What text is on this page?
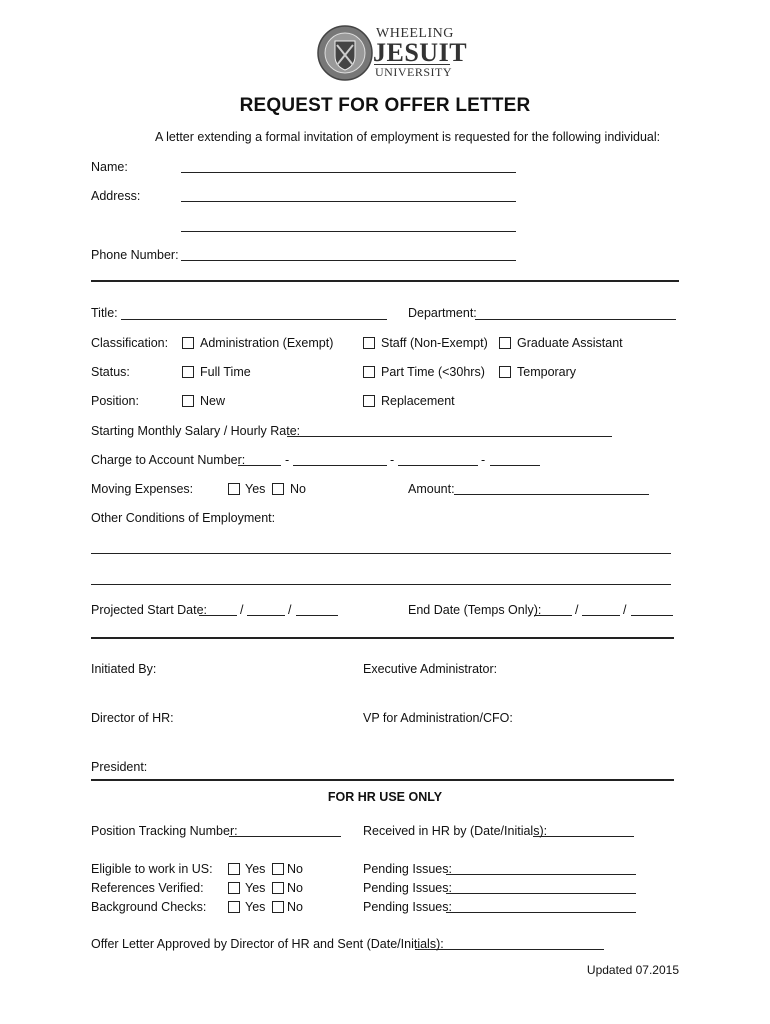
WHEELING
JESUIT
UNIVERSITY
REQUEST FOR OFFER LETTER
A letter extending a formal invitation of employment is requested for the following individual:
Name:
Address:
Phone Number:
Title:	Department:
Classification:	Administration (Exempt)	Staff (Non-Exempt) Graduate Assistant
Status:	Full Time	Part Time (<30hrs)	Temporary
Position:	New	Replacement
Starting Monthly Salary / Hourly Rate:
Charge to Account Number:	-	-	-
Moving Expenses:	Yes No	Amount:
Other Conditions of Employment:
Projected Start Date:	/	/	End Date (Temps Only):	/	/
Initiated By:	Executive Administrator:
Director of HR:	VP for Administration/CFO:
President:
FOR HR USE ONLY
Position Tracking Number:	Received in HR by (Date/Initials):
Eligible to work in US:	Yes No	Pending Issues:
References Verified:	Yes No	Pending Issues:
Background Checks:	Yes No	Pending Issues:
Offer Letter Approved by Director of HR and Sent (Date/Initials):
Updated 07.2015
